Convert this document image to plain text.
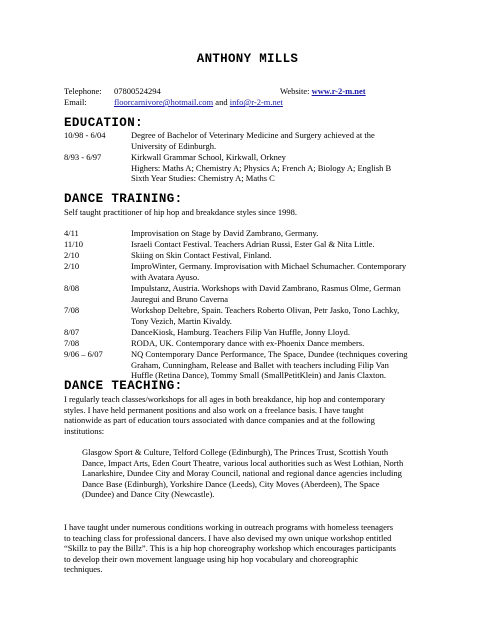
ANTHONY MILLS
Telephone: 07800524294	Website: www.r-2-m.net
Email:	floorcarnivore@hotmail.com and info@r-2-m.net
EDUCATION:
10/98 - 6/04	Degree of Bachelor of Veterinary Medicine and Surgery achieved at the
University of Edinburgh.
8/93 - 6/97	Kirkwall Grammar School, Kirkwall, Orkney
Highers: Maths A; Chemistry A; Physics A; French A; Biology A; English B
Sixth Year Studies: Chemistry A; Maths C
DANCE TRAINING:
Self taught practitioner of hip hop and breakdance styles since 1998.
4/11	Improvisation on Stage by David Zambrano, Germany.
11/10	Israeli Contact Festival. Teachers Adrian Russi, Ester Gal & Nita Little.
2/10	Skiing on Skin Contact Festival, Finland.
2/10	ImproWinter, Germany. Improvisation with Michael Schumacher. Contemporary
with Avatara Ayuso.
8/08	Impulstanz, Austria. Workshops with David Zambrano, Rasmus Olme, German
Jauregui and Bruno Caverna
7/08	Workshop Deltebre, Spain. Teachers Roberto Olivan, Petr Jasko, Tono Lachky,
Tony Vezich, Martin Kivaldy.
8/07	DanceKiosk, Hamburg. Teachers Filip Van Huffle, Jonny Lloyd.
7/08	RODA, UK. Contemporary dance with ex-Phoenix Dance members.
9/06 – 6/07	NQ Contemporary Dance Performance, The Space, Dundee (techniques covering
Graham, Cunningham, Release and Ballet with teachers including Filip Van
Huffle (Retina Dance), Tommy Small (SmallPetitKlein) and Janis Claxton.
DANCE TEACHING:
I regularly teach classes/workshops for all ages in both breakdance, hip hop and contemporary
styles. I have held permanent positions and also work on a freelance basis. I have taught
nationwide as part of education tours associated with dance companies and at the following
institutions:
Glasgow Sport & Culture, Telford College (Edinburgh), The Princes Trust, Scottish Youth
Dance, Impact Arts, Eden Court Theatre, various local authorities such as West Lothian, North
Lanarkshire, Dundee City and Moray Council, national and regional dance agencies including
Dance Base (Edinburgh), Yorkshire Dance (Leeds), City Moves (Aberdeen), The Space
(Dundee) and Dance City (Newcastle).
I have taught under numerous conditions working in outreach programs with homeless teenagers
to teaching class for professional dancers. I have also devised my own unique workshop entitled
“Skillz to pay the Billz”. This is a hip hop choreography workshop which encourages participants
to develop their own movement language using hip hop vocabulary and choreographic
techniques.
